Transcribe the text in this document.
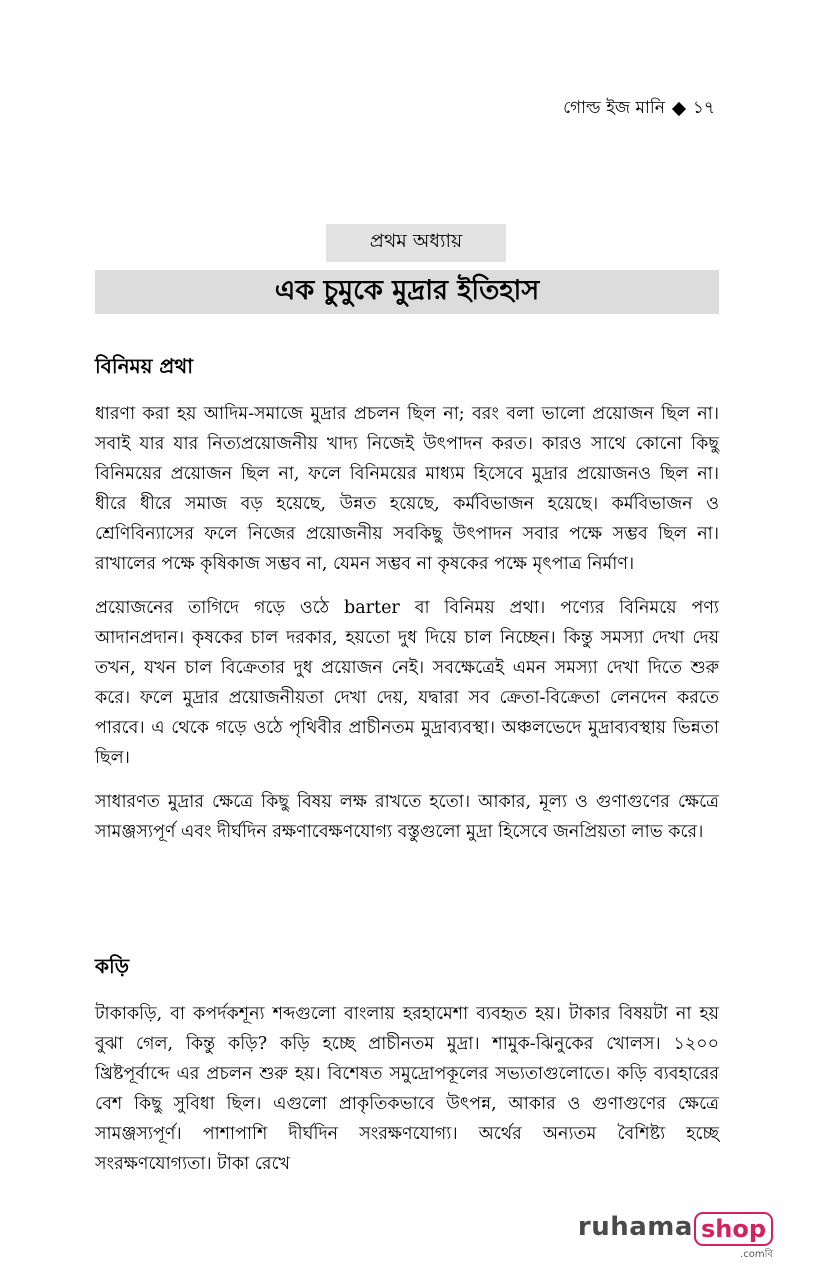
গোল্ড ইজ মানি ১৭
প্রথম অধ্যায়
এক চুমুকে মুদ্রার ইতিহাস
বিনিময় প্রথা

ধারণা করা হয় আদিম-সমাজে মুদ্রার প্রচলন ছিল না; বরং বলা ভালো প্রয়োজন ছিল না। সবাই যার যার নিত্যপ্রয়োজনীয় খাদ্য নিজেই উৎপাদন করত। কারও সাথে কোনো কিছু বিনিময়ের প্রয়োজন ছিল না, ফলে বিনিময়ের মাধ্যম হিসেবে মুদ্রার প্রয়োজনও ছিল না। ধীরে ধীরে সমাজ বড় হয়েছে, উন্নত হয়েছে, কর্মবিভাজন হয়েছে। কর্মবিভাজন ও শ্রেণিবিন্যাসের ফলে নিজের প্রয়োজনীয় সবকিছু উৎপাদন সবার পক্ষে সম্ভব ছিল না। রাখালের পক্ষে কৃষিকাজ সম্ভব না, যেমন সম্ভব না কৃষকের পক্ষে মৃৎপাত্র নির্মাণ।

প্রয়োজনের তাগিদে গড়ে ওঠে barter বা বিনিময় প্রথা। পণ্যের বিনিময়ে পণ্য আদানপ্রদান। কৃষকের চাল দরকার, হয়তো দুধ দিয়ে চাল নিচ্ছেন। কিন্তু সমস্যা দেখা দেয় তখন, যখন চাল বিক্রেতার দুধ প্রয়োজন নেই। সবক্ষেত্রেই এমন সমস্যা দেখা দিতে শুরু করে। ফলে মুদ্রার প্রয়োজনীয়তা দেখা দেয়, যদ্বারা সব ক্রেতা-বিক্রেতা লেনদেন করতে পারবে। এ থেকে গড়ে ওঠে পৃথিবীর প্রাচীনতম মুদ্রাব্যবস্থা। অঞ্চলভেদে মুদ্রাব্যবস্থায় ভিন্নতা ছিল।

সাধারণত মুদ্রার ক্ষেত্রে কিছু বিষয় লক্ষ রাখতে হতো। আকার, মূল্য ও গুণাগুণের ক্ষেত্রে সামঞ্জস্যপূর্ণ এবং দীর্ঘদিন রক্ষণাবেক্ষণযোগ্য বস্তুগুলো মুদ্রা হিসেবে জনপ্রিয়তা লাভ করে।

কড়ি

টাকাকড়ি, বা কপর্দকশূন্য শব্দগুলো বাংলায় হরহামেশা ব্যবহৃত হয়। টাকার বিষয়টা না হয় বুঝা গেল, কিন্তু কড়ি? কড়ি হচ্ছে প্রাচীনতম মুদ্রা। শামুক-ঝিনুকের খোলস। ১২০০ খ্রিষ্টপূর্বাব্দে এর প্রচলন শুরু হয়। বিশেষত সমুদ্রোপকূলের সভ্যতাগুলোতে। কড়ি ব্যবহারের বেশ কিছু সুবিধা ছিল। এগুলো প্রাকৃতিকভাবে উৎপন্ন, আকার ও গুণাগুণের ক্ষেত্রে সামঞ্জস্যপূর্ণ। পাশাপাশি দীর্ঘদিন সংরক্ষণযোগ্য। অর্থের অন্যতম বৈশিষ্ট্য হচ্ছে সংরক্ষণযোগ্যতা। টাকা রেখে

ruhama shop
.comবি
